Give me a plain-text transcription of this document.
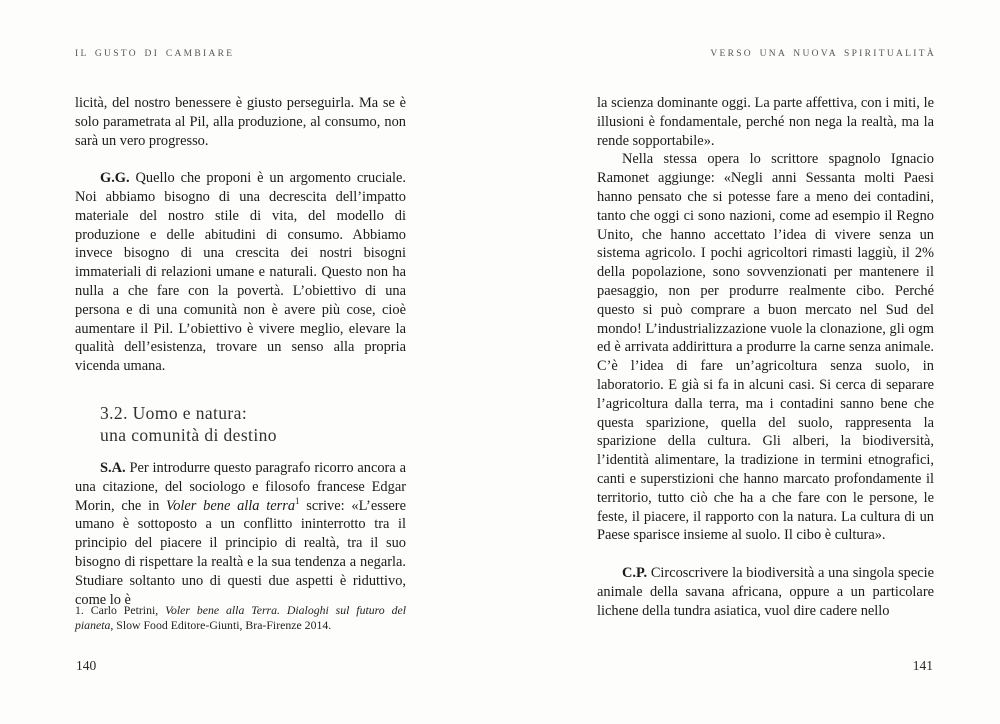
IL GUSTO DI CAMBIARE

licità, del nostro benessere è giusto perseguirla. Ma se è solo parametrata al Pil, alla produzione, al consumo, non sarà un vero progresso.

G.G. Quello che proponi è un argomento cruciale. Noi abbiamo bisogno di una decrescita dell’impatto materiale del nostro stile di vita, del modello di produzione e delle abitudini di consumo. Abbiamo invece bisogno di una crescita dei nostri bisogni immateriali di relazioni umane e naturali. Questo non ha nulla a che fare con la povertà. L’obiettivo di una persona e di una comunità non è avere più cose, cioè aumentare il Pil. L’obiettivo è vivere meglio, elevare la qualità dell’esistenza, trovare un senso alla propria vicenda umana.

3.2. Uomo e natura:
una comunità di destino

S.A. Per introdurre questo paragrafo ricorro ancora a una citazione, del sociologo e filosofo francese Edgar Morin, che in Voler bene alla terra$^1$ scrive: «L’essere umano è sottoposto a un conflitto ininterrotto tra il principio del piacere il principio di realtà, tra il suo bisogno di rispettare la realtà e la sua tendenza a negarla. Studiare soltanto uno di questi due aspetti è riduttivo, come lo è

1. Carlo Petrini, Voler bene alla Terra. Dialoghi sul futuro del pianeta, Slow Food Editore-Giunti, Bra-Firenze 2014.
140
VERSO UNA NUOVA SPIRITUALITÀ

la scienza dominante oggi. La parte affettiva, con i miti, le illusioni è fondamentale, perché non nega la realtà, ma la rende sopportabile».

Nella stessa opera lo scrittore spagnolo Ignacio Ramonet aggiunge: «Negli anni Sessanta molti Paesi hanno pensato che si potesse fare a meno dei contadini, tanto che oggi ci sono nazioni, come ad esempio il Regno Unito, che hanno accettato l’idea di vivere senza un sistema agricolo. I pochi agricoltori rimasti laggiù, il 2% della popolazione, sono sovvenzionati per mantenere il paesaggio, non per produrre realmente cibo. Perché questo si può comprare a buon mercato nel Sud del mondo! L’industrializzazione vuole la clonazione, gli ogm ed è arrivata addirittura a produrre la carne senza animale. C’è l’idea di fare un’agricoltura senza suolo, in laboratorio. E già si fa in alcuni casi. Si cerca di separare l’agricoltura dalla terra, ma i contadini sanno bene che questa sparizione, quella del suolo, rappresenta la sparizione della cultura. Gli alberi, la biodiversità, l’identità alimentare, la tradizione in termini etnografici, canti e superstizioni che hanno marcato profondamente il territorio, tutto ciò che ha a che fare con le persone, le feste, il piacere, il rapporto con la natura. La cultura di un Paese sparisce insieme al suolo. Il cibo è cultura».

C.P. Circoscrivere la biodiversità a una singola specie animale della savana africana, oppure a un particolare lichene della tundra asiatica, vuol dire cadere nello

141
